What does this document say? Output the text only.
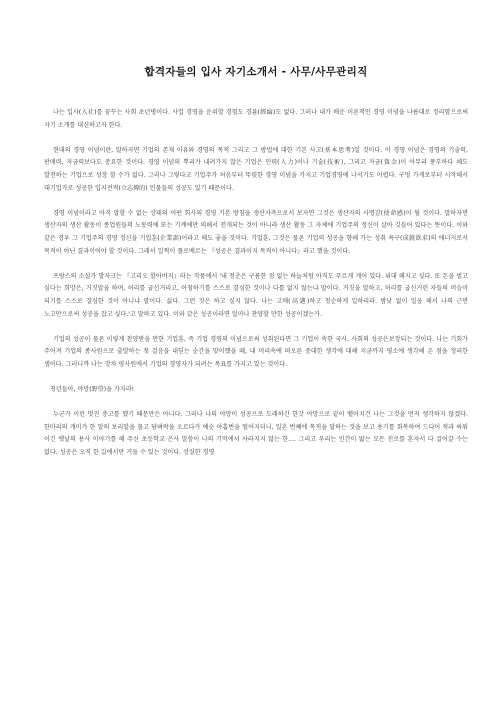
합격자들의 입사 자기소개서 - 사무/사무관리직

나는 입사(入社)를 꿈꾸는 사회 초년병이다. 사업 경영을 운위할 경험도 경륜(經綸)도 없다. 그러나 내가 배운 이론적인 경영 이념을 나름대로 정리함으로써 자기 소개를 대신하고자 한다.

현대의 경영 이념이란, 말하자면 기업의 존재 이유와 경영의 목적 그리고 그 방법에 대한 기본 사고(基本思考)일 것이다. 이 경영 이념은 경영의 기술력, 판매력, 자금력보다도 중요한 것이다. 경영 이념의 뿌리가 내려가지 않은 기업은 인력(人力)이나 기술(技術), 그리고 자금(資金)이 아무리 풍부하다 해도 발전하는 기업으로 성장 할 수가 없다. 그러나 그렇다고 기업주가 처음부터 뚜렷한 경영 이념을 가지고 기업경영에 나서기도 어렵다. 구멍 가게로부터 시작해서 대기업가로 성공한 입지전적(立志傳的) 인물들의 성공도 있기 때문이다.

경영 이념이라고 아직 말할 수 없는 상태의 어떤 회사의 경영 기본 방침을 생산자측으로서 보자면 그것은 생산자의 사명감(使命感)이 될 것이다. 말하자면 생산자의 생산 활동이 종업원들의 노동력에 또는 기계에만 의해서 전개되는 것이 아니라 생산 활동 그 자체에 기업주의 정신이 살아 깃들어 있다는 뜻이다. 이와 같은 경우 그 기업주의 경영 정신을 기업훈(企業訓)이라고 해도 좋을 것이다. 기업훈, 그것은 물론 기업의 성공을 향해 가는 성취 욕구(成就欲求)의 에너지로서 목적이 아닌 결과이어야 할 것이다. 그래서 일찍이 플로베르는 『성공은 결과이지 목적이 아니다』라고 했을 것이다.

프랑스의 소설가 발자크는 『고리오 할아버지』라는 작품에서 '내 청춘은 구름한 점 없는 하늘처럼 아직도 푸르게 개어 있다. 위대 해지고 싶다. 또 돈을 벌고 싶다는 희망은, 거짓말을 하며, 허리를 굽신거리고, 아첨하기를 스스로 결심한 것이나 다를 없지 않는냐 말이다. 거짓을 말하고, 허리를 굽신거린 자들의 머슴이 되기를 스스로 결심한 것이 아니냐 말이다. 싫다. 그런 짓은 하고 싶지 않다. 나는 고매(高邁)하고 청순하게 일하리라. 밤낮 없이 일을 해서 나의 근면 노고만으로써 성공을 잡고 싶다.'고 말하고 있다. 이와 같은 성공이라면 얼마나 찬양할 만한 성공이겠는가.

기업의 성공이 물론 이렇게 찬양받을 만한 기업훈, 즉 기업 경영의 이념으로써 성취된다면 그 기업이 속한 국사, 사회의 성공은보장되는 것이다. 나는 기회가 주어져 기업의 종사원으로 출발하는 첫 걸음을 내딛는 순간을 맞이했을 때, 내 머리속에 떠오른 중대한 생각에 대해 지금까지 평소에 생각해 온 점을 정리한 셈이다. 그러니까 나는 장차 평사원에서 기업의 경영자가 되려는 목표를 가지고 있는 것이다.

청년들아, 야망(野望)을 가지라!

누군가 이런 멋진 충고를 했기 때문만은 아니다. 그러나 나의 야망이 성공으로 도래하긴 한갓 야망으로 끝이 뱉어지건 나는 그것을 먼저 생각하지 않겠다. 한마리의 개미가 한 알의 보리알을 물고 담벼락을 오르다가 예순 아홉번을 떨어지더니, 일흔 번째에 목적을 달하는 것을 보고 용기를 회복하여 드디어 적과 싸워 이긴 옛날의 용사 이야기를 해 주신 초등학교 은사 말씀이 나의 기억에서 사라지지 않는 한.... 그리고 우리는 인간이 밟는 모든 진로를 혼자서 다 걸어갈 수는 없다. 성공은 오직 한 길에서만 거둘 수 있는 것이다. 성실한 경영
